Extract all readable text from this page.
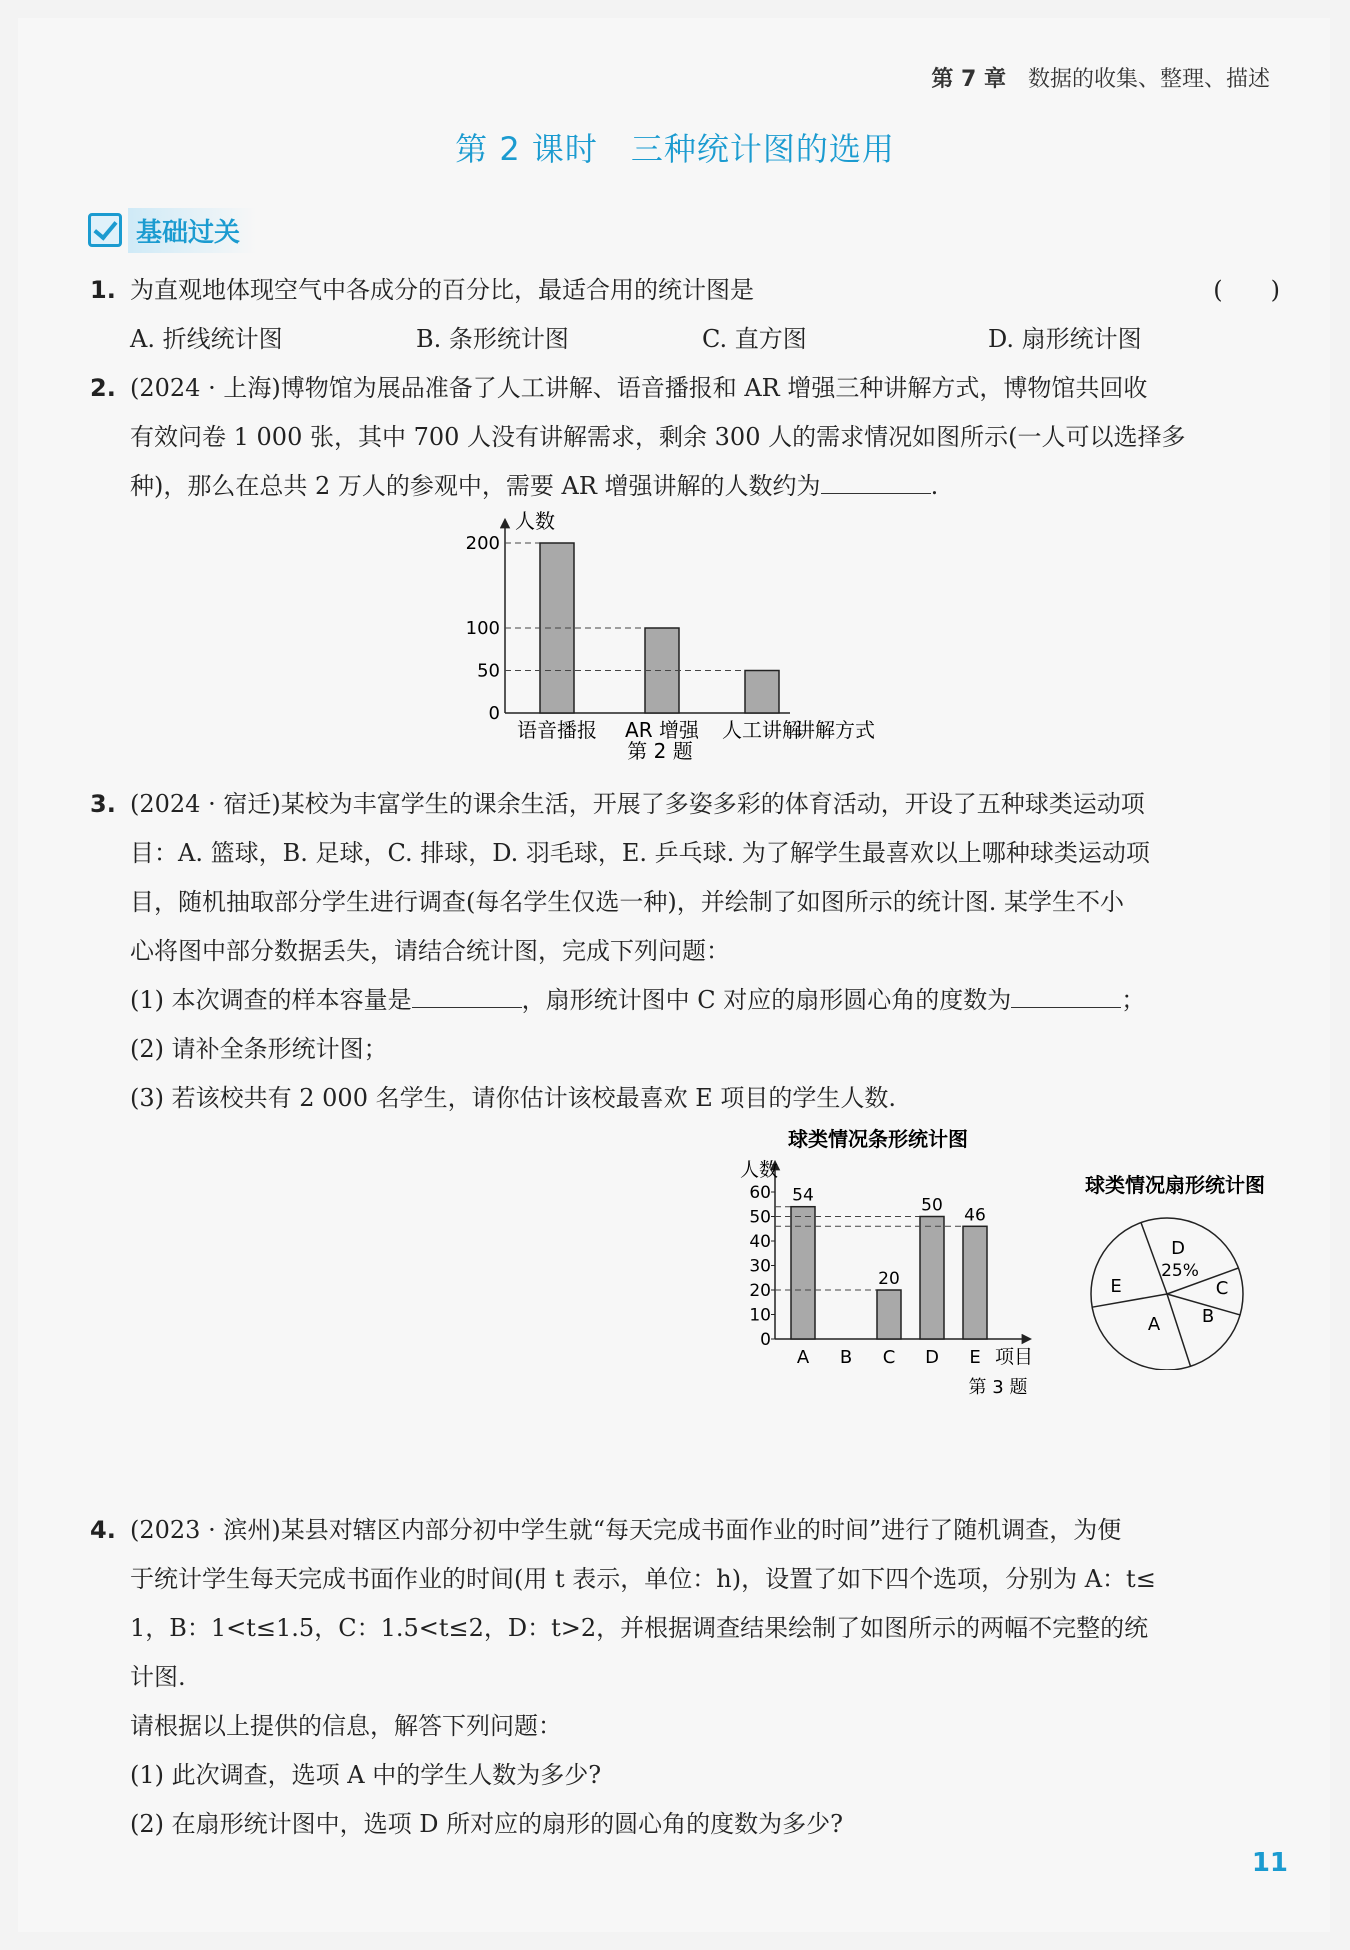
第 7 章 数据的收集、整理、描述
第 2 课时　三种统计图的选用
基础过关
1. 为直观地体现空气中各成分的百分比，最适合用的统计图是	(　　)
A. 折线统计图	B. 条形统计图	C. 直方图	D. 扇形统计图
2. (2024 · 上海)博物馆为展品准备了人工讲解、语音播报和 AR 增强三种讲解方式，博物馆共回收

有效问卷 1 000 张，其中 700 人没有讲解需求，剩余 300 人的需求情况如图所示(一人可以选择多

种)，那么在总共 2 万人的参观中，需要 AR 增强讲解的人数约为	.

人数
讲解方式
0
50
100
200
语音播报 AR 增强 人工讲解
第 2 题
3. (2024 · 宿迁)某校为丰富学生的课余生活，开展了多姿多彩的体育活动，开设了五种球类运动项

目：A. 篮球，B. 足球，C. 排球，D. 羽毛球，E. 乒乓球. 为了解学生最喜欢以上哪种球类运动项

目，随机抽取部分学生进行调查(每名学生仅选一种)，并绘制了如图所示的统计图. 某学生不小

心将图中部分数据丢失，请结合统计图，完成下列问题：

(1) 本次调查的样本容量是	，扇形统计图中 C 对应的扇形圆心角的度数为	；

(2) 请补全条形统计图；

(3) 若该校共有 2 000 名学生，请你估计该校最喜欢 E 项目的学生人数.

球类情况条形统计图
人数
0
10
20
30
40
50
60 54
A B
20
C
50
D
46
E 项目
第 3 题
球类情况扇形统计图
D
C
B
A
E
25%
4. (2023 · 滨州)某县对辖区内部分初中学生就“每天完成书面作业的时间”进行了随机调查，为便

于统计学生每天完成书面作业的时间(用 t 表示，单位：h)，设置了如下四个选项，分别为 A：t≤

1，B：1<t≤1.5，C：1.5<t≤2，D：t>2，并根据调查结果绘制了如图所示的两幅不完整的统

计图.

请根据以上提供的信息，解答下列问题：

(1) 此次调查，选项 A 中的学生人数为多少?

(2) 在扇形统计图中，选项 D 所对应的扇形的圆心角的度数为多少?

11
